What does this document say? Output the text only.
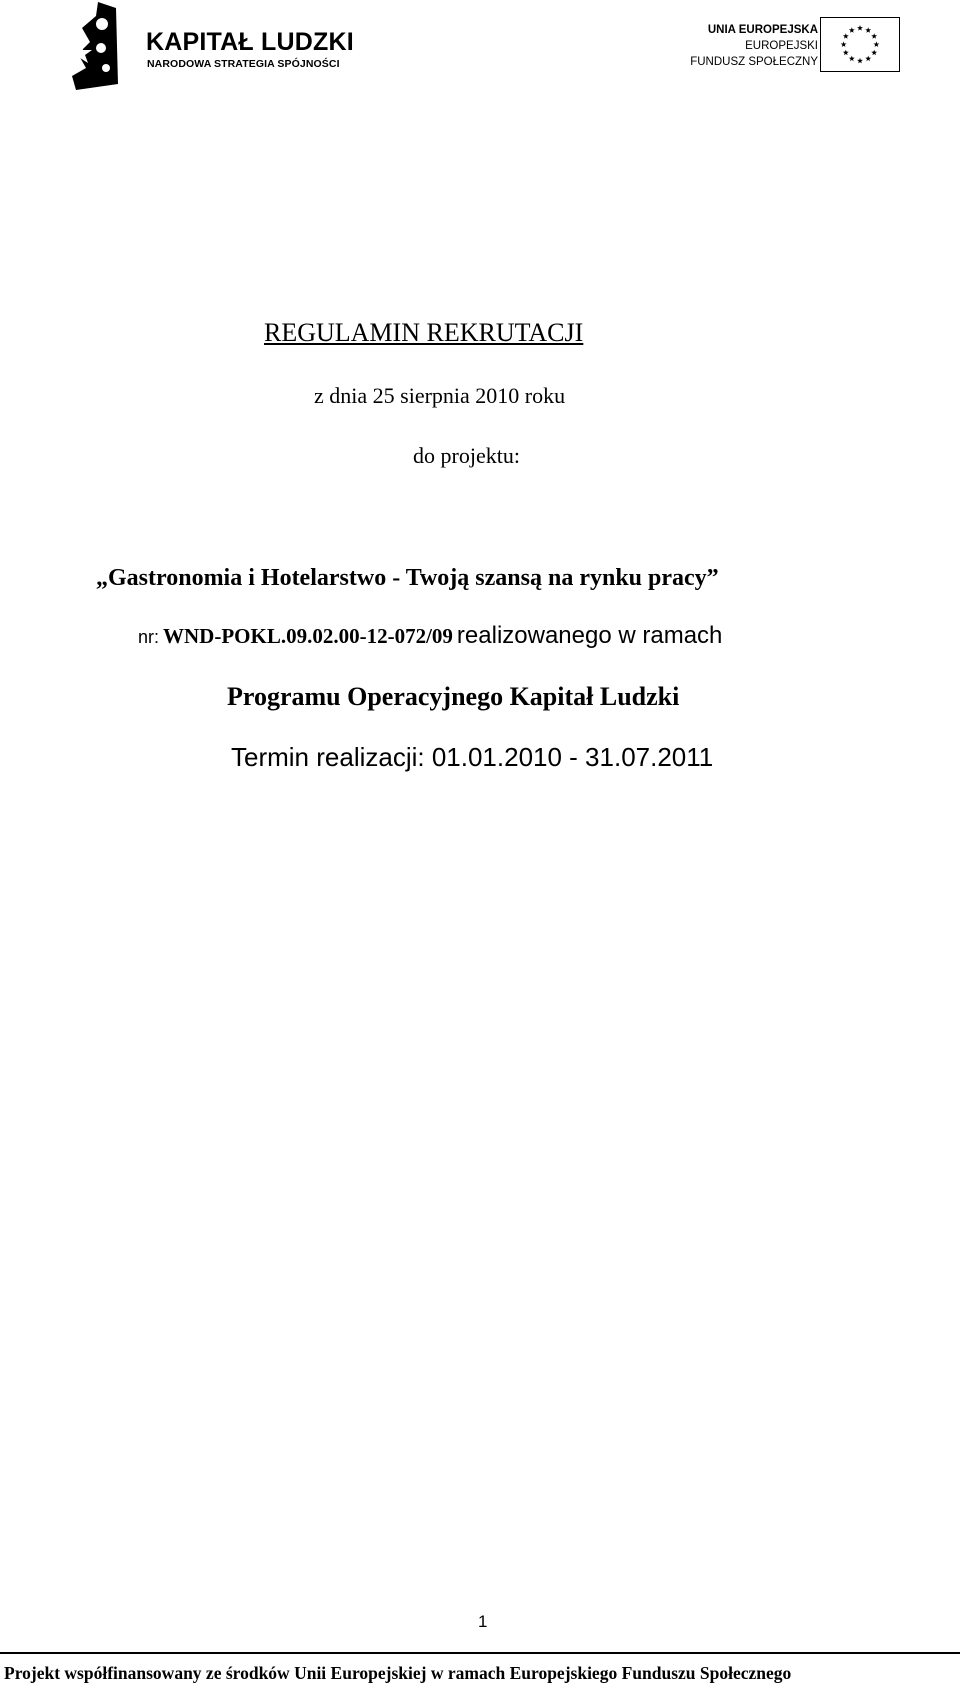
KAPITAŁ LUDZKI
NARODOWA STRATEGIA SPÓJNOŚCI
UNIA EUROPEJSKA
EUROPEJSKI
FUNDUSZ SPOŁECZNY
REGULAMIN REKRUTACJI
z dnia 25 sierpnia 2010 roku
do projektu:
„Gastronomia i Hotelarstwo - Twoją szansą na rynku pracy”
nr: WND-POKL.09.02.00-12-072/09 realizowanego w ramach
Programu Operacyjnego Kapitał Ludzki
Termin realizacji: 01.01.2010 - 31.07.2011
1
Projekt współfinansowany ze środków Unii Europejskiej w ramach Europejskiego Funduszu Społecznego
